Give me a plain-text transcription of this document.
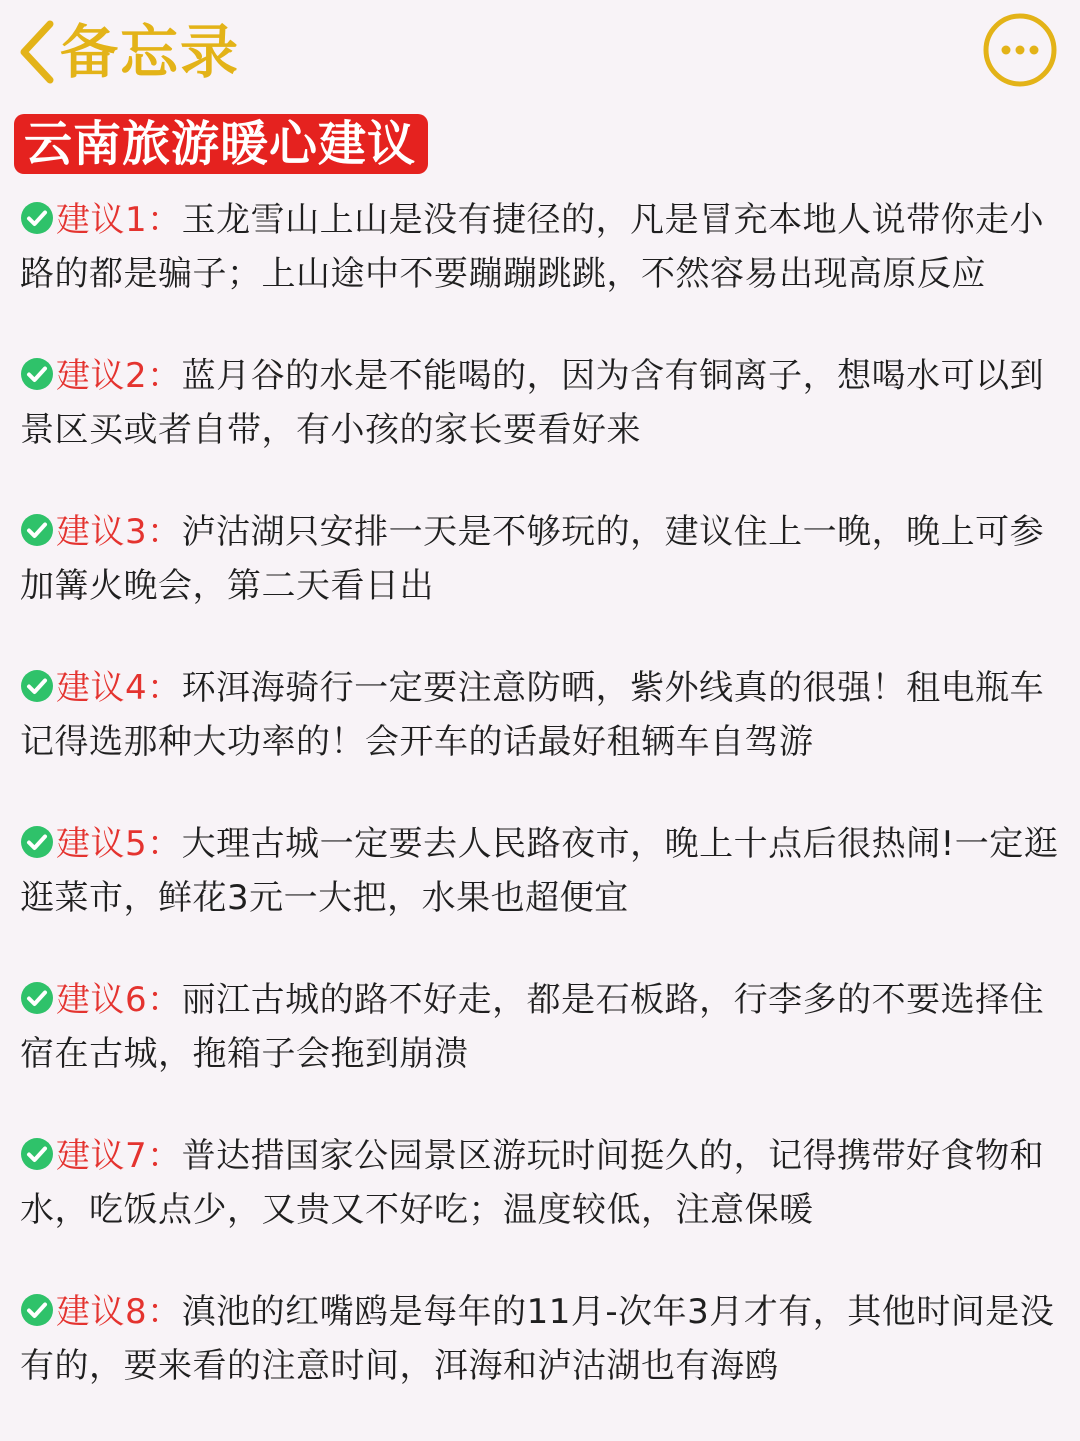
备忘录
云南旅游暖心建议

建议1：玉龙雪山上山是没有捷径的，凡是冒充本地人说带你走小路的都是骗子；上山途中不要蹦蹦跳跳，不然容易出现高原反应

建议2：蓝月谷的水是不能喝的，因为含有铜离子，想喝水可以到景区买或者自带，有小孩的家长要看好来

建议3：泸沽湖只安排一天是不够玩的，建议住上一晚，晚上可参加篝火晚会，第二天看日出

建议4：环洱海骑行一定要注意防晒，紫外线真的很强！租电瓶车记得选那种大功率的！会开车的话最好租辆车自驾游

建议5：大理古城一定要去人民路夜市，晚上十点后很热闹!一定逛逛菜市，鲜花3元一大把，水果也超便宜

建议6：丽江古城的路不好走，都是石板路，行李多的不要选择住宿在古城，拖箱子会拖到崩溃

建议7：普达措国家公园景区游玩时间挺久的，记得携带好食物和水，吃饭点少，又贵又不好吃；温度较低，注意保暖

建议8：滇池的红嘴鸥是每年的11月-次年3月才有，其他时间是没有的，要来看的注意时间，洱海和泸沽湖也有海鸥
